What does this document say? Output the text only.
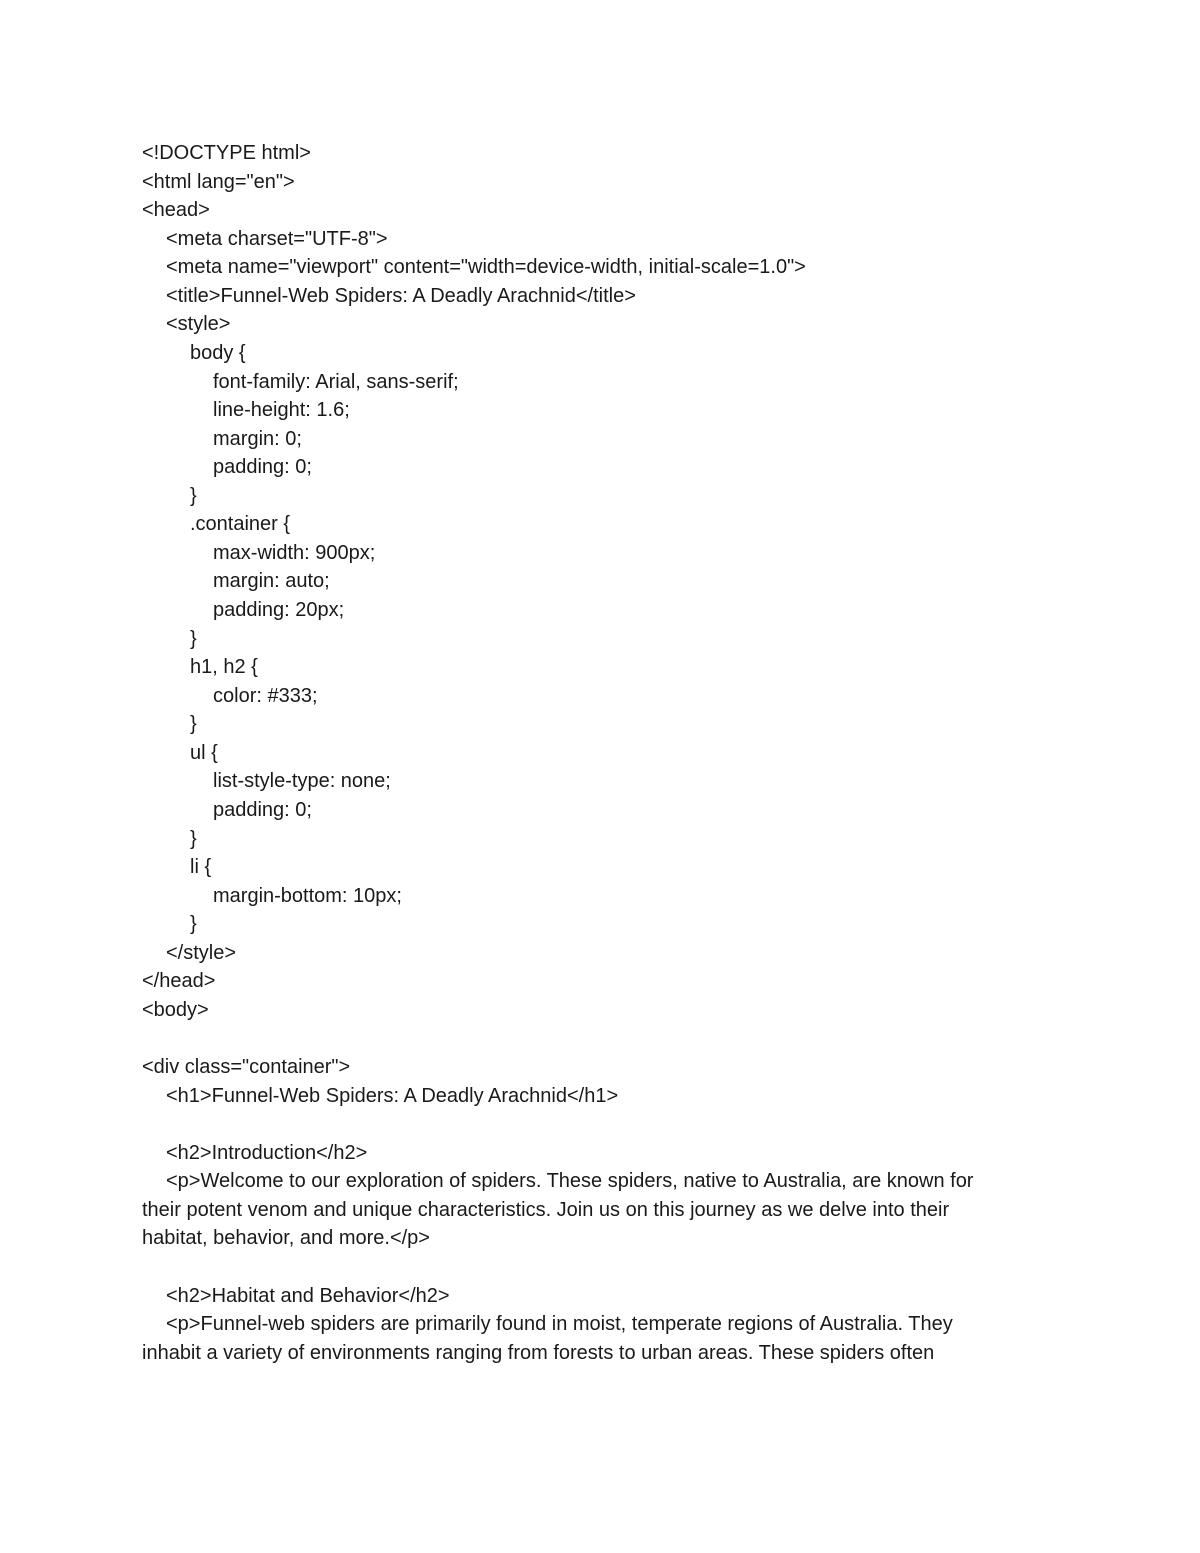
<!DOCTYPE html>
<html lang="en">
<head>
<meta charset="UTF-8">
<meta name="viewport" content="width=device-width, initial-scale=1.0">
<title>Funnel-Web Spiders: A Deadly Arachnid</title>
<style>
body {
font-family: Arial, sans-serif;
line-height: 1.6;
margin: 0;
padding: 0;
}
.container {
max-width: 900px;
margin: auto;
padding: 20px;
}
h1, h2 {
color: #333;
}
ul {
list-style-type: none;
padding: 0;
}
li {
margin-bottom: 10px;
}
</style>
</head>
<body>
<div class="container">
<h1>Funnel-Web Spiders: A Deadly Arachnid</h1>
<h2>Introduction</h2>
<p>Welcome to our exploration of spiders. These spiders, native to Australia, are known for
their potent venom and unique characteristics. Join us on this journey as we delve into their
habitat, behavior, and more.</p>
<h2>Habitat and Behavior</h2>
<p>Funnel-web spiders are primarily found in moist, temperate regions of Australia. They
inhabit a variety of environments ranging from forests to urban areas. These spiders often
